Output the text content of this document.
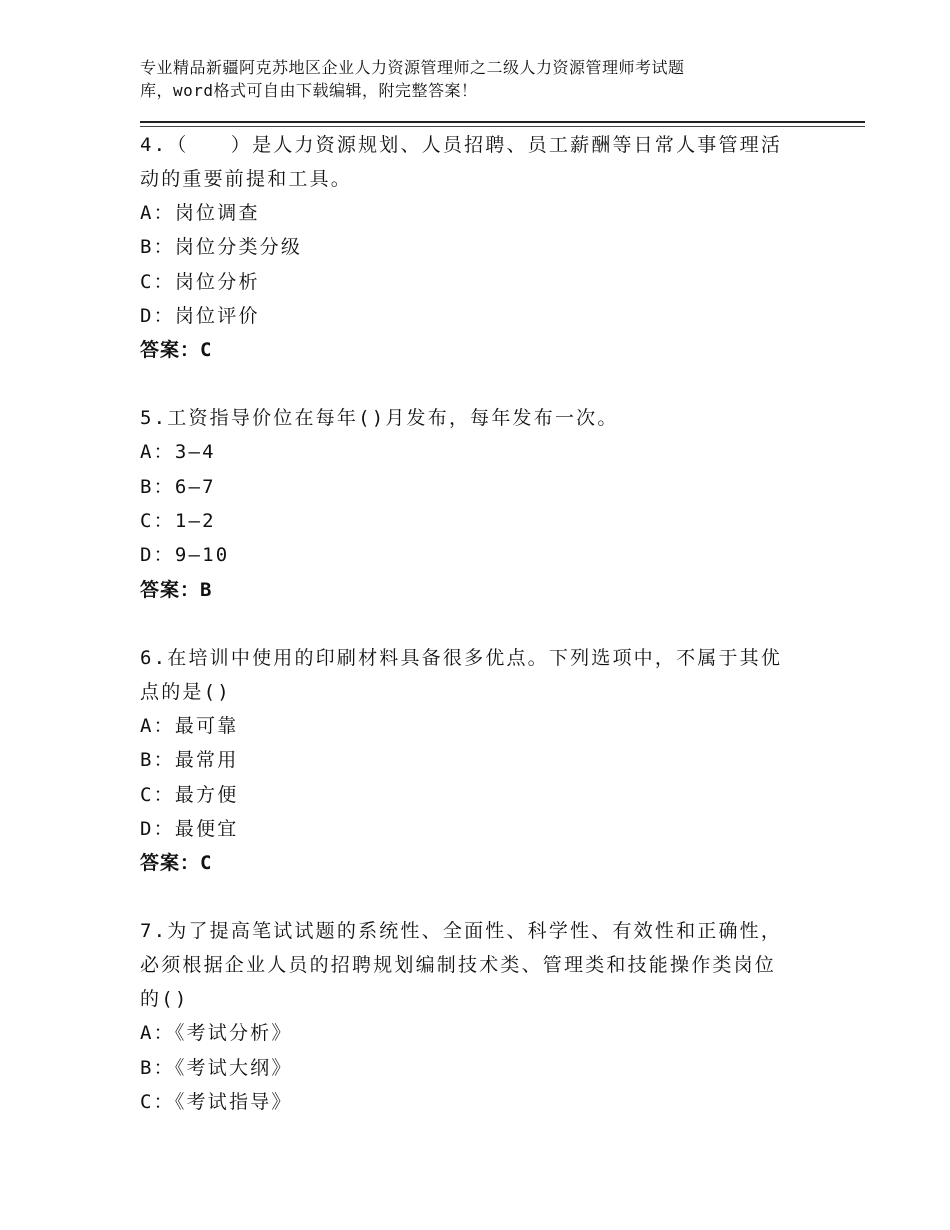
专业精品新疆阿克苏地区企业人力资源管理师之二级人力资源管理师考试题
库，word格式可自由下载编辑，附完整答案！

4.（　　）是人力资源规划、人员招聘、员工薪酬等日常人事管理活

动的重要前提和工具。

A：岗位调查

B：岗位分类分级

C：岗位分析

D：岗位评价

答案：C

5.工资指导价位在每年()月发布，每年发布一次。

A：3—4

B：6—7

C：1—2

D：9—10

答案：B

6.在培训中使用的印刷材料具备很多优点。下列选项中，不属于其优

点的是()

A：最可靠

B：最常用

C：最方便

D：最便宜

答案：C

7.为了提高笔试试题的系统性、全面性、科学性、有效性和正确性，

必须根据企业人员的招聘规划编制技术类、管理类和技能操作类岗位

的()

A：《考试分析》

B：《考试大纲》

C：《考试指导》
